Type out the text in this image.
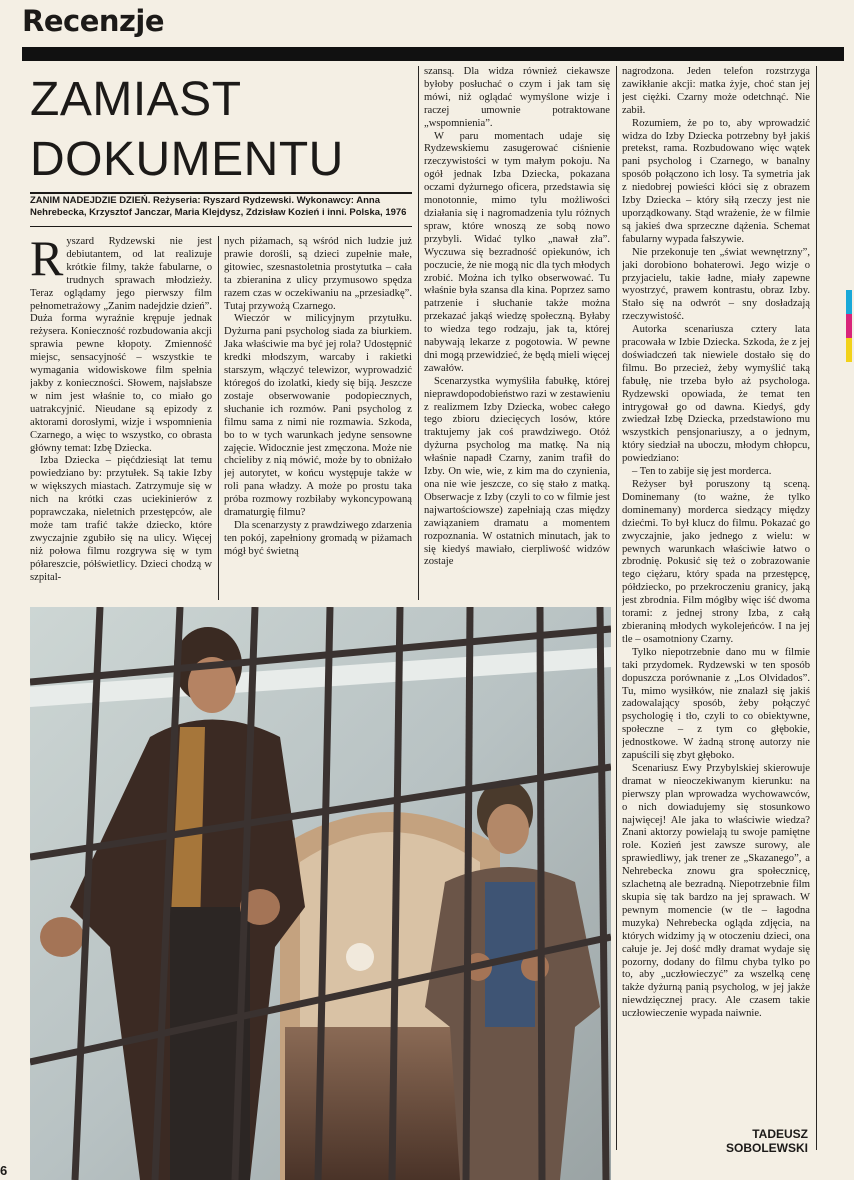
Recenzje
ZAMIAST
DOKUMENTU
ZANIM NADEJDZIE DZIEŃ. Reżyseria: Ryszard Rydzewski. Wykonawcy: Anna Nehrebecka, Krzysztof Janczar, Maria Klejdysz, Zdzisław Kozień i inni. Polska, 1976

Ryszard Rydzewski nie jest debiutantem, od lat realizuje krótkie filmy, także fabularne, o trudnych sprawach młodzieży. Teraz oglądamy jego pierwszy film pełnometrażowy „Zanim nadejdzie dzień”. Duża forma wyraźnie krępuje jednak reżysera. Konieczność rozbudowania akcji sprawia pewne kłopoty. Zmienność miejsc, sensacyjność – wszystkie te wymagania widowiskowe film spełnia jakby z konieczności. Słowem, najsłabsze w nim jest właśnie to, co miało go uatrakcyjnić. Nieudane są epizody z aktorami dorosłymi, wizje i wspomnienia Czarnego, a więc to wszystko, co obrasta główny temat: Izbę Dziecka.

Izba Dziecka – pięćdziesiąt lat temu powiedziano by: przytułek. Są takie Izby w większych miastach. Zatrzymuje się w nich na krótki czas uciekinierów z poprawczaka, nieletnich przestępców, ale może tam trafić także dziecko, które zwyczajnie zgubiło się na ulicy. Więcej niż połowa filmu rozgrywa się w tym półareszcie, półświetlicy. Dzieci chodzą w szpital-

nych piżamach, są wśród nich ludzie już prawie dorośli, są dzieci zupełnie małe, gitowiec, szesnastoletnia prostytutka – cała ta zbieranina z ulicy przymusowo spędza razem czas w oczekiwaniu na „przesiadkę”. Tutaj przywożą Czarnego.

Wieczór w milicyjnym przytułku. Dyżurna pani psycholog siada za biurkiem. Jaka właściwie ma być jej rola? Udostępnić kredki młodszym, warcaby i rakietki starszym, włączyć telewizor, wyprowadzić któregoś do izolatki, kiedy się biją. Jeszcze zostaje obserwowanie podopiecznych, słuchanie ich rozmów. Pani psycholog z filmu sama z nimi nie rozmawia. Szkoda, bo to w tych warunkach jedyne sensowne zajęcie. Widocznie jest zmęczona. Może nie chcieliby z nią mówić, może by to obniżało jej autorytet, w końcu występuje także w roli pana władzy. A może po prostu taka próba rozmowy rozbiłaby wykoncypowaną dramaturgię filmu?

Dla scenarzysty z prawdziwego zdarzenia ten pokój, zapełniony gromadą w piżamach mógł być świetną

szansą. Dla widza również ciekawsze byłoby posłuchać o czym i jak tam się mówi, niż oglądać wymyślone wizje i raczej umownie potraktowane „wspomnienia”.

W paru momentach udaje się Rydzewskiemu zasugerować ciśnienie rzeczywistości w tym małym pokoju. Na ogół jednak Izba Dziecka, pokazana oczami dyżurnego oficera, przedstawia się monotonnie, mimo tylu możliwości działania się i nagromadzenia tylu różnych spraw, które wnoszą ze sobą nowo przybyli. Widać tylko „nawał zła”. Wyczuwa się bezradność opiekunów, ich poczucie, że nie mogą nic dla tych młodych zrobić. Można ich tylko obserwować. Tu właśnie była szansa dla kina. Poprzez samo patrzenie i słuchanie także można przekazać jakąś wiedzę społeczną. Byłaby to wiedza tego rodzaju, jak ta, której nabywają lekarze z pogotowia. W pewne dni mogą przewidzieć, że będą mieli więcej zawałów.

Scenarzystka wymyśliła fabułkę, której nieprawdopodobieństwo razi w zestawieniu z realizmem Izby Dziecka, wobec całego tego zbioru dziecięcych losów, które traktujemy jak coś prawdziwego. Otóż dyżurna psycholog ma matkę. Na nią właśnie napadł Czarny, zanim trafił do Izby. On wie, wie, z kim ma do czynienia, ona nie wie jeszcze, co się stało z matką. Obserwacje z Izby (czyli to co w filmie jest najwartościowsze) zapełniają czas między zawiązaniem dramatu a momentem rozpoznania. W ostatnich minutach, jak to się kiedyś mawiało, cierpliwość widzów zostaje

nagrodzona. Jeden telefon rozstrzyga zawikłanie akcji: matka żyje, choć stan jej jest ciężki. Czarny może odetchnąć. Nie zabił.

Rozumiem, że po to, aby wprowadzić widza do Izby Dziecka potrzebny był jakiś pretekst, rama. Rozbudowano więc wątek pani psycholog i Czarnego, w banalny sposób połączono ich losy. Ta symetria jak z niedobrej powieści kłóci się z obrazem Izby Dziecka – który siłą rzeczy jest nie uporządkowany. Stąd wrażenie, że w filmie są jakieś dwa sprzeczne dążenia. Schemat fabularny wypada fałszywie.

Nie przekonuje ten „świat wewnętrzny”, jaki dorobiono bohaterowi. Jego wizje o przyjacielu, takie ładne, miały zapewne wyostrzyć, prawem kontrastu, obraz Izby. Stało się na odwrót – sny dosładzają rzeczywistość.

Autorka scenariusza cztery lata pracowała w Izbie Dziecka. Szkoda, że z jej doświadczeń tak niewiele dostało się do filmu. Bo przecież, żeby wymyślić taką fabułę, nie trzeba było aż psychologa. Rydzewski opowiada, że temat ten intrygował go od dawna. Kiedyś, gdy zwiedzał Izbę Dziecka, przedstawiono mu wszystkich pensjonariuszy, a o jednym, który siedział na uboczu, młodym chłopcu, powiedziano:

– Ten to zabije się jest morderca.

Reżyser był poruszony tą sceną. Dominemany (to ważne, że tylko dominemany) morderca siedzący między dziećmi. To był klucz do filmu. Pokazać go zwyczajnie, jako jednego z wielu: w pewnych warunkach właściwie łatwo o zbrodnię. Pokusić się też o zobrazowanie tego ciężaru, który spada na przestępcę, półdziecko, po przekroczeniu granicy, jaką jest zbrodnia. Film mógłby więc iść dwoma torami: z jednej strony Izba, z całą zbieraniną młodych wykolejeńców. I na jej tle – osamotniony Czarny.

Tylko niepotrzebnie dano mu w filmie taki przydomek. Rydzewski w ten sposób dopuszcza porównanie z „Los Olvidados”. Tu, mimo wysiłków, nie znalazł się jakiś zadowalający sposób, żeby połączyć psychologię i tło, czyli to co obiektywne, społeczne – z tym co głębokie, jednostkowe. W żadną stronę autorzy nie zapuścili się zbyt głęboko.

Scenariusz Ewy Przybylskiej skierowuje dramat w nieoczekiwanym kierunku: na pierwszy plan wprowadza wychowawców, o nich dowiadujemy się stosunkowo najwięcej! Ale jaka to właściwie wiedza? Znani aktorzy powielają tu swoje pamiętne role. Kozień jest zawsze surowy, ale sprawiedliwy, jak trener ze „Skazanego”, a Nehrebecka znowu gra społecznicę, szlachetną ale bezradną. Niepotrzebnie film skupia się tak bardzo na jej sprawach. W pewnym momencie (w tle – łagodna muzyka) Nehrebecka ogląda zdjęcia, na których widzimy ją w otoczeniu dzieci, ona całuje je. Jej dość mdły dramat wydaje się pozorny, dodany do filmu chyba tylko po to, aby „uczłowieczyć” za wszelką cenę także dyżurną panią psycholog, w jej jakże niewdzięcznej pracy. Ale czasem takie uczłowieczenie wypada naiwnie.

TADEUSZ
SOBOLEWSKI
6
